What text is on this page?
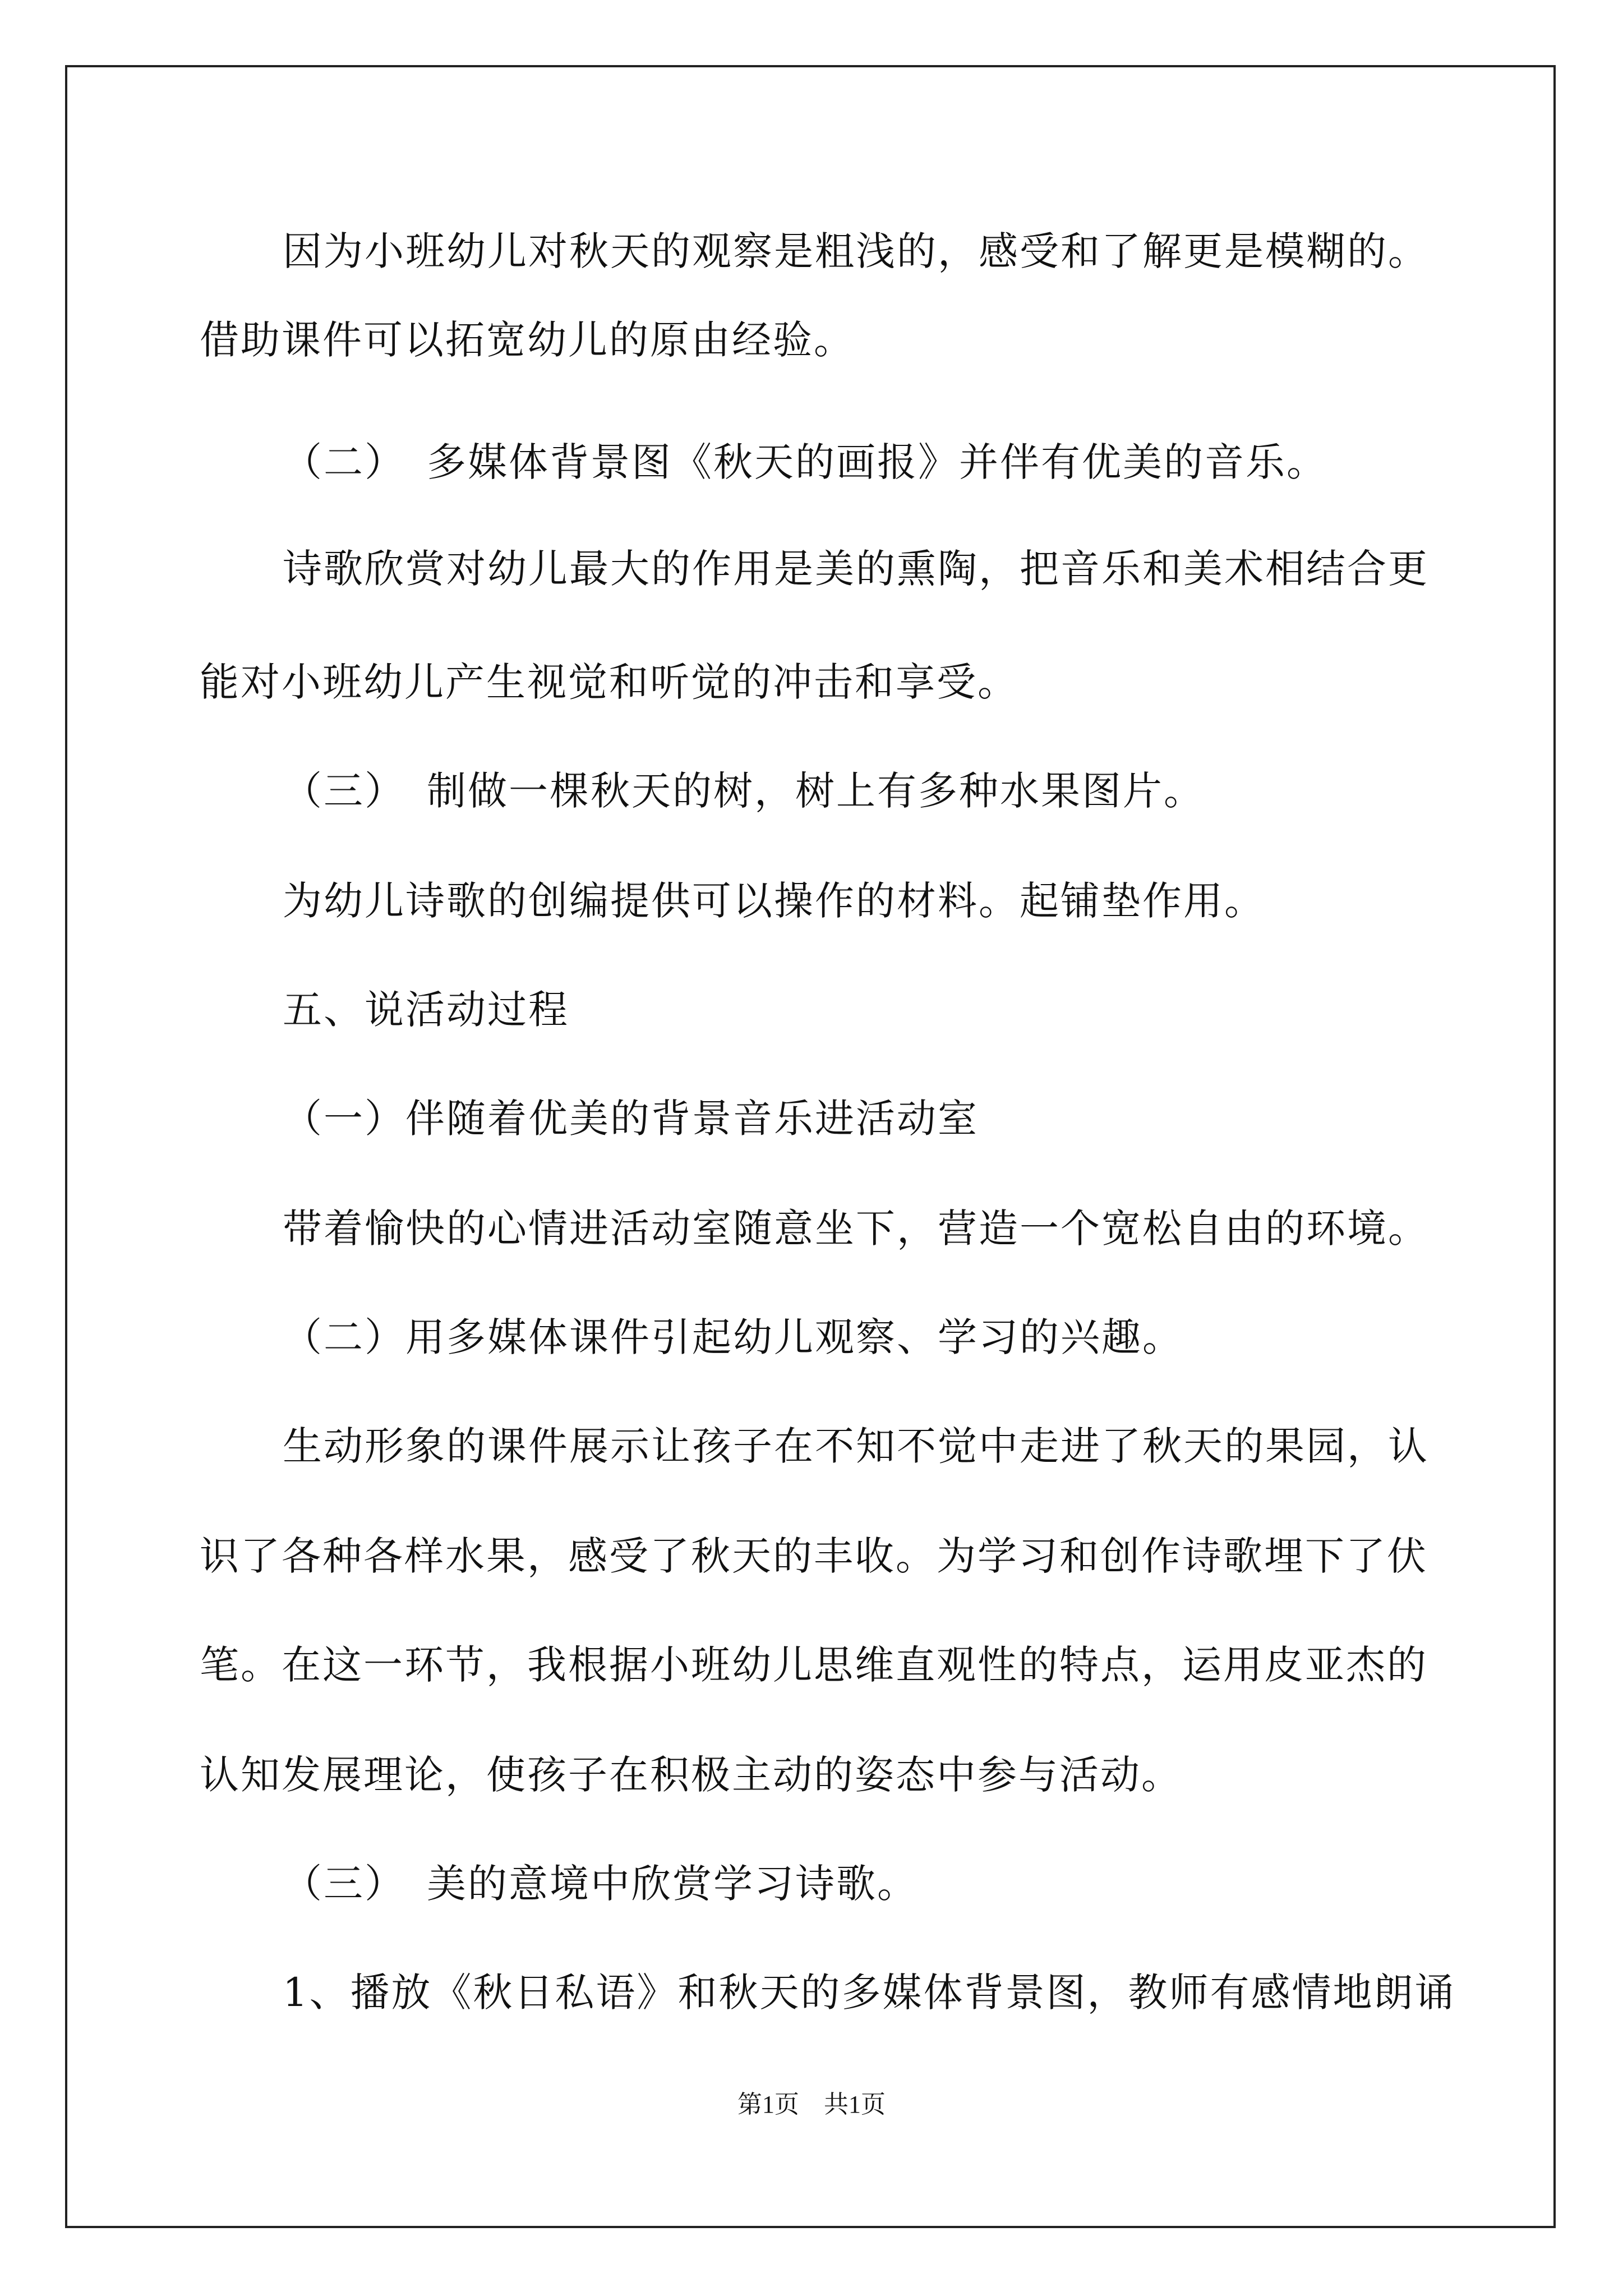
因为小班幼儿对秋天的观察是粗浅的，感受和了解更是模糊的。
借助课件可以拓宽幼儿的原由经验。
（二）　多媒体背景图《秋天的画报》并伴有优美的音乐。
诗歌欣赏对幼儿最大的作用是美的熏陶，把音乐和美术相结合更
能对小班幼儿产生视觉和听觉的冲击和享受。
（三）　制做一棵秋天的树，树上有多种水果图片。
为幼儿诗歌的创编提供可以操作的材料。起铺垫作用。
五、说活动过程
（一）伴随着优美的背景音乐进活动室
带着愉快的心情进活动室随意坐下，营造一个宽松自由的环境。
（二）用多媒体课件引起幼儿观察、学习的兴趣。
生动形象的课件展示让孩子在不知不觉中走进了秋天的果园，认
识了各种各样水果，感受了秋天的丰收。为学习和创作诗歌埋下了伏
笔。在这一环节，我根据小班幼儿思维直观性的特点，运用皮亚杰的
认知发展理论，使孩子在积极主动的姿态中参与活动。
（三）　美的意境中欣赏学习诗歌。
1、播放《秋日私语》和秋天的多媒体背景图，教师有感情地朗诵
第1页　共1页
